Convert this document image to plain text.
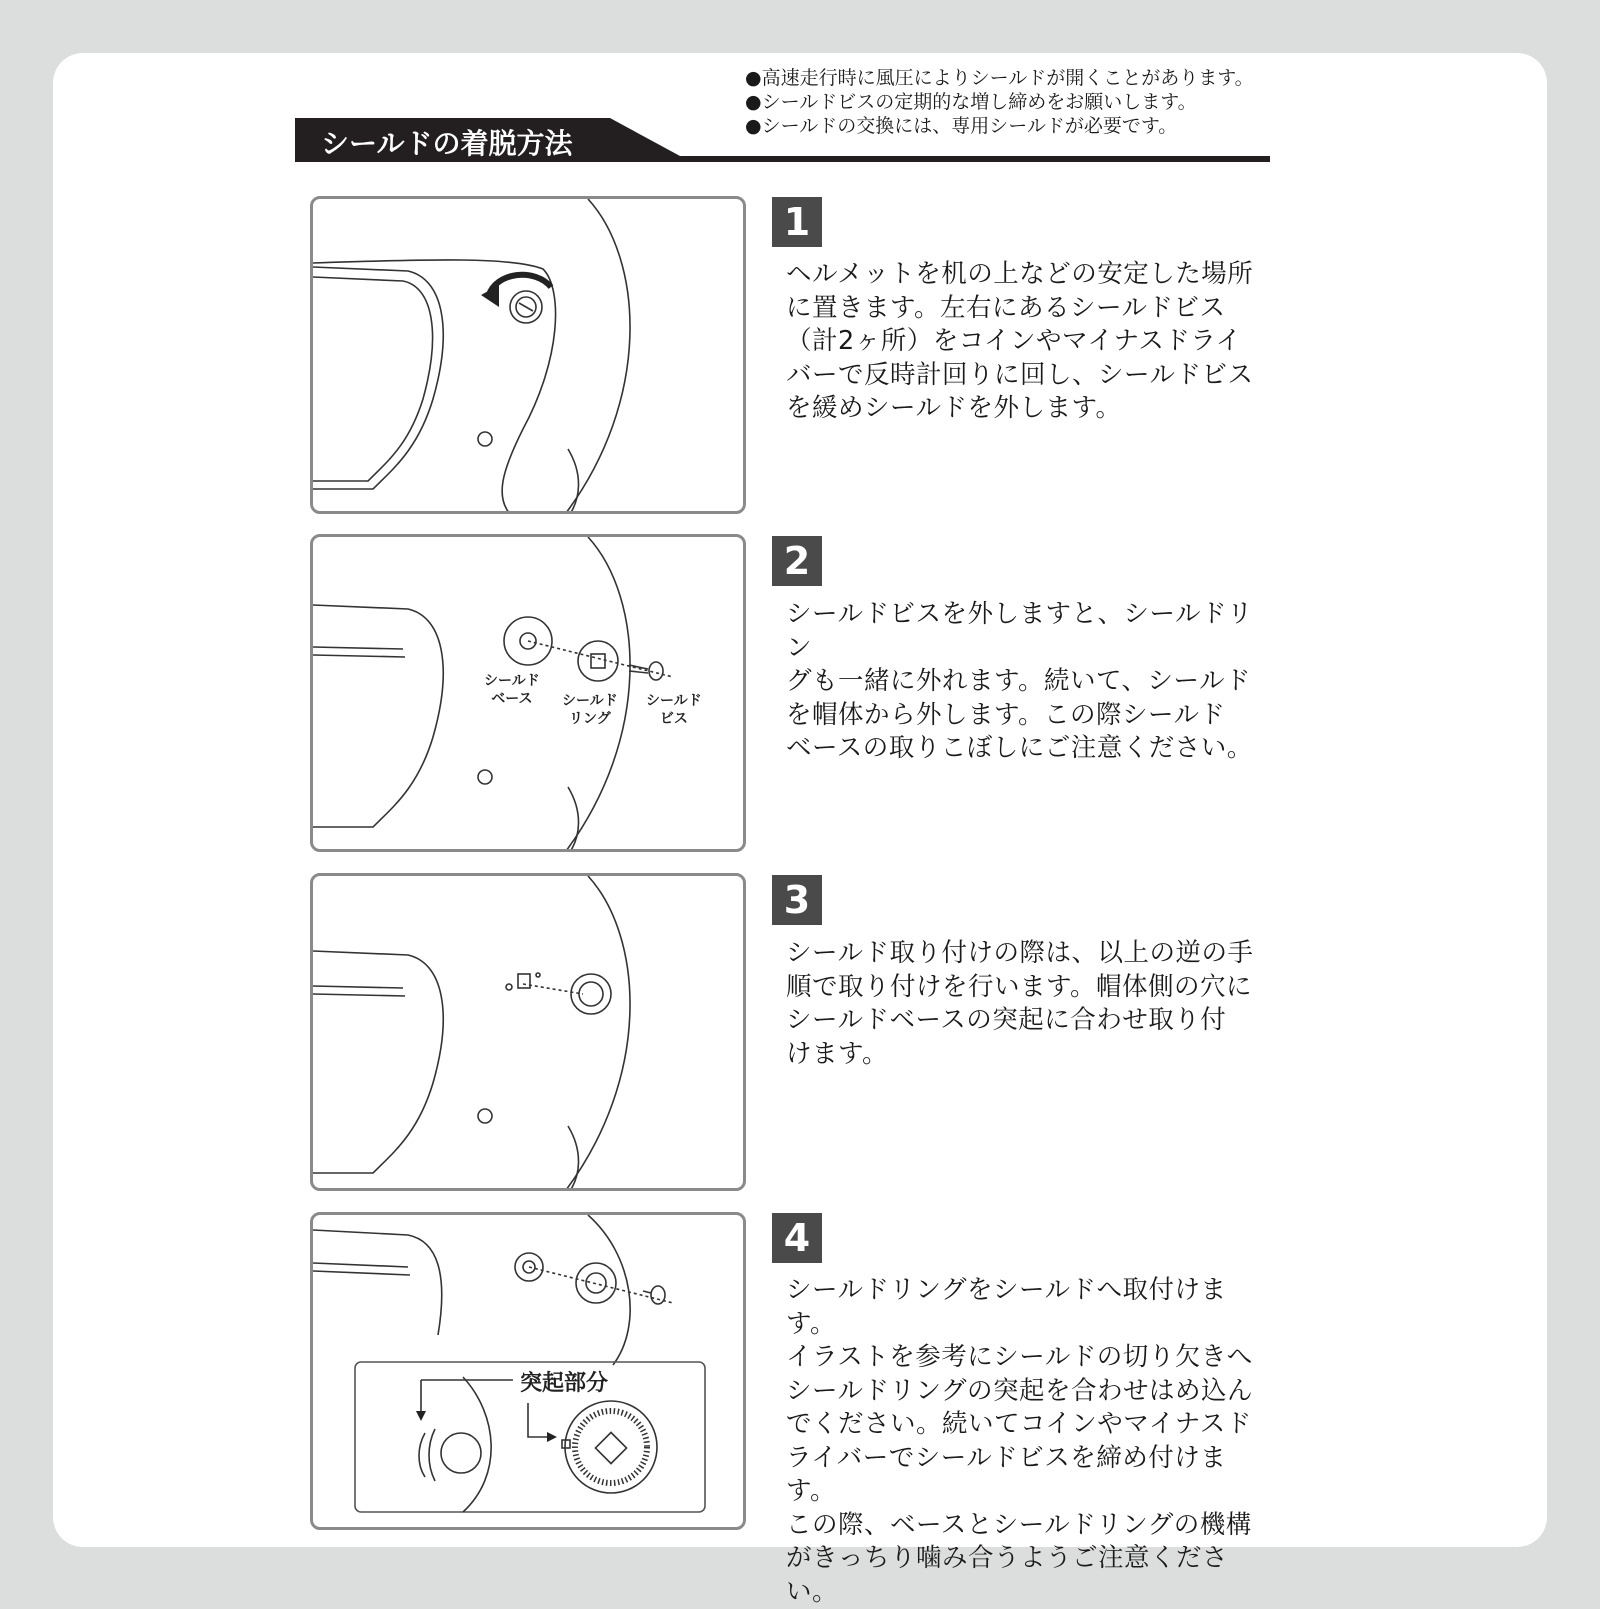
●高速走行時に風圧によりシールドが開くことがあります。
●シールドビスの定期的な増し締めをお願いします。
●シールドの交換には、専用シールドが必要です。
シールドの着脱方法
1
ヘルメットを机の上などの安定した場所
に置きます。左右にあるシールドビス
（計2ヶ所）をコインやマイナスドライ
バーで反時計回りに回し、シールドビス
を緩めシールドを外します。
シールド
ベース	シールド
リング
シールド
ビス
2
シールドビスを外しますと、シールドリン
グも一緒に外れます。続いて、シールド
を帽体から外します。この際シールド
ベースの取りこぼしにご注意ください。
3
シールド取り付けの際は、以上の逆の手
順で取り付けを行います。帽体側の穴に
シールドベースの突起に合わせ取り付
けます。
突起部分
4
シールドリングをシールドへ取付けます。
イラストを参考にシールドの切り欠きへ
シールドリングの突起を合わせはめ込ん
でください。続いてコインやマイナスド
ライバーでシールドビスを締め付けます。
この際、ベースとシールドリングの機構
がきっちり噛み合うようご注意ください。
